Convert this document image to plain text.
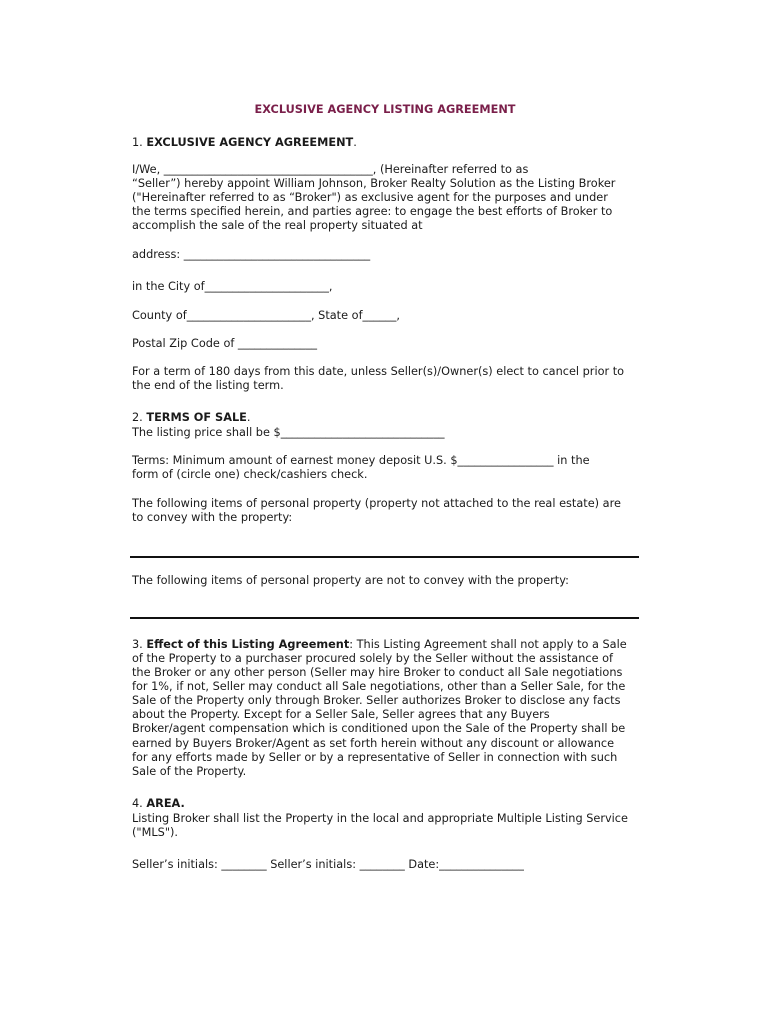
EXCLUSIVE AGENCY LISTING AGREEMENT

1. EXCLUSIVE AGENCY AGREEMENT.

I/We, _____________________________________, (Hereinafter referred to as

“Seller”) hereby appoint William Johnson, Broker Realty Solution as the Listing Broker

("Hereinafter referred to as “Broker") as exclusive agent for the purposes and under

the terms specified herein, and parties agree: to engage the best efforts of Broker to

accomplish the sale of the real property situated at

address: _________________________________

in the City of______________________,

County of______________________, State of______,

Postal Zip Code of ______________

For a term of 180 days from this date, unless Seller(s)/Owner(s) elect to cancel prior to

the end of the listing term.

2. TERMS OF SALE.

The listing price shall be $_____________________________

Terms: Minimum amount of earnest money deposit U.S. $_________________ in the

form of (circle one) check/cashiers check.

The following items of personal property (property not attached to the real estate) are

to convey with the property:

The following items of personal property are not to convey with the property:

3. Effect of this Listing Agreement: This Listing Agreement shall not apply to a Sale

of the Property to a purchaser procured solely by the Seller without the assistance of

the Broker or any other person (Seller may hire Broker to conduct all Sale negotiations

for 1%, if not, Seller may conduct all Sale negotiations, other than a Seller Sale, for the

Sale of the Property only through Broker. Seller authorizes Broker to disclose any facts

about the Property. Except for a Seller Sale, Seller agrees that any Buyers

Broker/agent compensation which is conditioned upon the Sale of the Property shall be

earned by Buyers Broker/Agent as set forth herein without any discount or allowance

for any efforts made by Seller or by a representative of Seller in connection with such

Sale of the Property.

4. AREA.

Listing Broker shall list the Property in the local and appropriate Multiple Listing Service

("MLS").

Seller’s initials: ________ Seller’s initials: ________ Date:_______________
